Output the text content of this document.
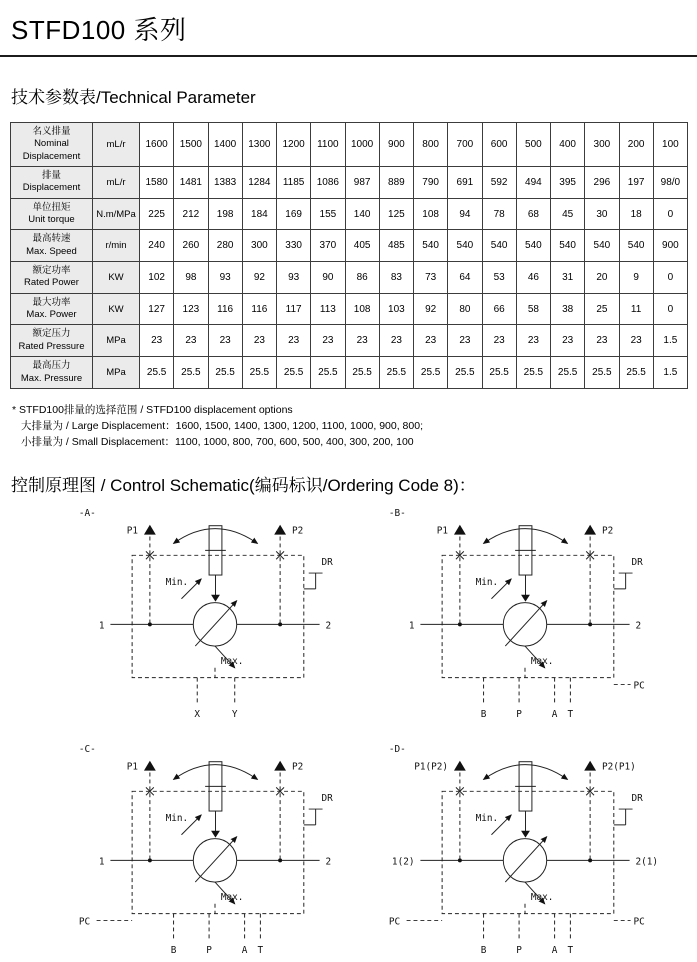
STFD100 系列
技术参数表/Technical Parameter
名义排量
Nominal Displacement	mL/r	1600	1500	1400	1300	1200	1100	1000	900	800	700	600	500	400	300	200	100

排量
Displacement	mL/r	1580	1481	1383	1284	1185	1086	987	889	790	691	592	494	395	296	197	98/0

单位扭矩
Unit torque	N.m/MPa	225	212	198	184	169	155	140	125	108	94	78	68	45	30	18	0

最高转速
Max. Speed	r/min	240	260	280	300	330	370	405	485	540	540	540	540	540	540	540	900

额定功率
Rated Power	KW	102	98	93	92	93	90	86	83	73	64	53	46	31	20	9	0

最大功率
Max. Power	KW	127	123	116	116	117	113	108	103	92	80	66	58	38	25	11	0

额定压力
Rated Pressure	MPa	23	23	23	23	23	23	23	23	23	23	23	23	23	23	23	1.5

最高压力
Max. Pressure	MPa	25.5	25.5	25.5	25.5	25.5	25.5	25.5	25.5	25.5	25.5	25.5	25.5	25.5	25.5	25.5	1.5
* STFD100排量的选择范围 / STFD100 displacement options
大排量为 / Large Displacement：1600, 1500, 1400, 1300, 1200, 1100, 1000, 900, 800;
小排量为 / Small Displacement：1100, 1000, 800, 700, 600, 500, 400, 300, 200, 100
控制原理图 / Control Schematic(编码标识/Ordering Code 8)：
-A-
P1	P2
Min.
1	2
Max.
DR
X	Y
-B-
P1	P2
Min.
1	2
Max.
DR
B	P	A T
PC
-C-
P1	P2
Min.
1	2
Max.
DR
B	P	A T
PC
-D-
P1(P2)	P2(P1)
Min.
1(2)	2(1)
Max.
DR
B	P	A T
PC	PC
